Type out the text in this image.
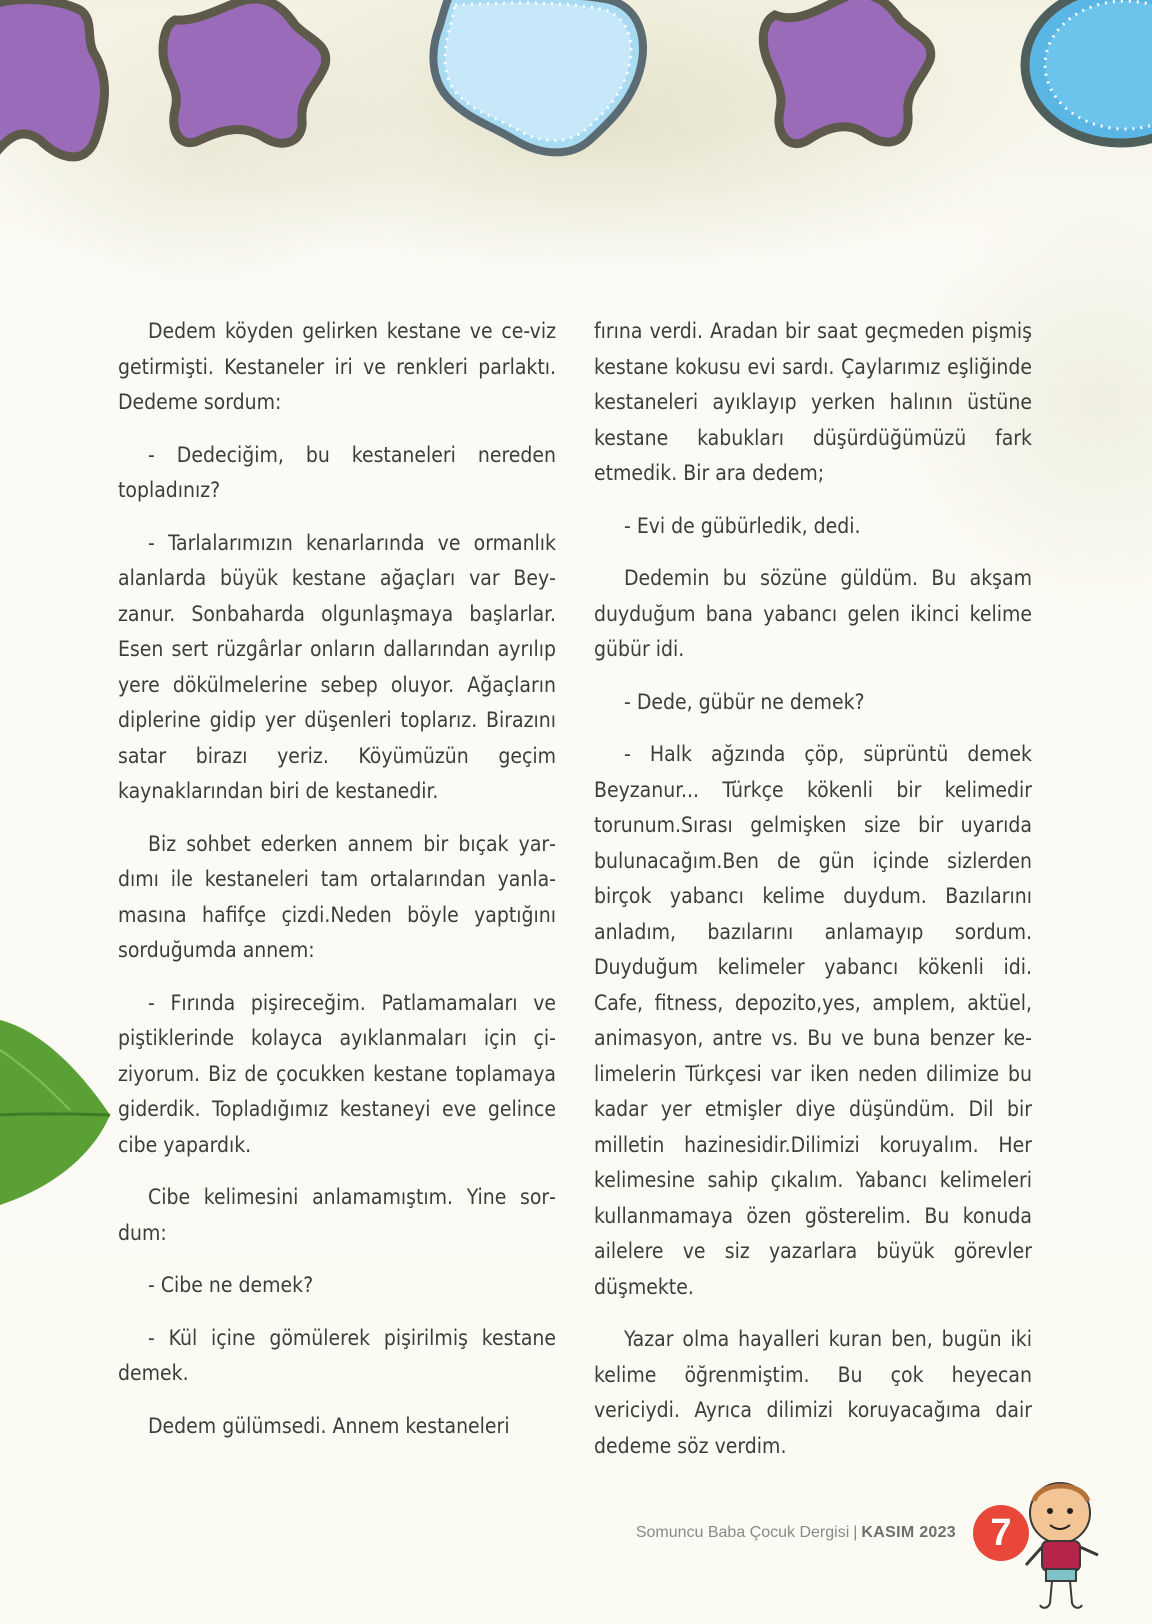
Dedem köyden gelirken kestane ve ce-viz getirmişti. Kestaneler iri ve renkleri parlaktı. Dedeme sordum:

- Dedeciğim, bu kestaneleri nereden topladınız?

- Tarlalarımızın kenarlarında ve ormanlık alanlarda büyük kestane ağaçları var Beyzanur. Sonbaharda olgunlaşmaya başlarlar. Esen sert rüzgârlar onların dallarından ayrılıp yere dökülmelerine sebep oluyor. Ağaçların diplerine gidip yer düşenleri toplarız. Birazını satar birazı yeriz. Köyümüzün geçim kaynaklarından biri de kestanedir.

Biz sohbet ederken annem bir bıçak yardımı ile kestaneleri tam ortalarından yanlamasına hafifçe çizdi.Neden böyle yaptığını sorduğumda annem:

- Fırında pişireceğim. Patlamamaları ve piştiklerinde kolayca ayıklanmaları için çiziyorum. Biz de çocukken kestane toplamaya giderdik. Topladığımız kestaneyi eve gelince cibe yapardık.

Cibe kelimesini anlamamıştım. Yine sordum:

- Cibe ne demek?

- Kül içine gömülerek pişirilmiş kestane demek.

Dedem gülümsedi. Annem kestaneleri

fırına verdi. Aradan bir saat geçmeden pişmiş kestane kokusu evi sardı. Çaylarımız eşliğinde kestaneleri ayıklayıp yerken halının üstüne kestane kabukları düşürdüğümüzü fark etmedik. Bir ara dedem;

- Evi de gübürledik, dedi.

Dedemin bu sözüne güldüm. Bu akşam duyduğum bana yabancı gelen ikinci kelime gübür idi.

- Dede, gübür ne demek?

- Halk ağzında çöp, süprüntü demek Beyzanur... Türkçe kökenli bir kelimedir torunum.Sırası gelmişken size bir uyarıda bulunacağım.Ben de gün içinde sizlerden birçok yabancı kelime duydum. Bazılarını anladım, bazılarını anlamayıp sordum. Duyduğum kelimeler yabancı kökenli idi. Cafe, fitness, depozito,yes, amplem, aktüel, animasyon, antre vs. Bu ve buna benzer kelimelerin Türkçesi var iken neden dilimize bu kadar yer etmişler diye düşündüm. Dil bir milletin hazinesidir.Dilimizi koruyalım. Her kelimesine sahip çıkalım. Yabancı kelimeleri kullanmamaya özen gösterelim. Bu konuda ailelere ve siz yazarlara büyük görevler düşmekte.

Yazar olma hayalleri kuran ben, bugün iki kelime öğrenmiştim. Bu çok heyecan vericiydi. Ayrıca dilimizi koruyacağıma dair dedeme söz verdim.

Somuncu Baba Çocuk Dergisi | KASIM 2023 7
